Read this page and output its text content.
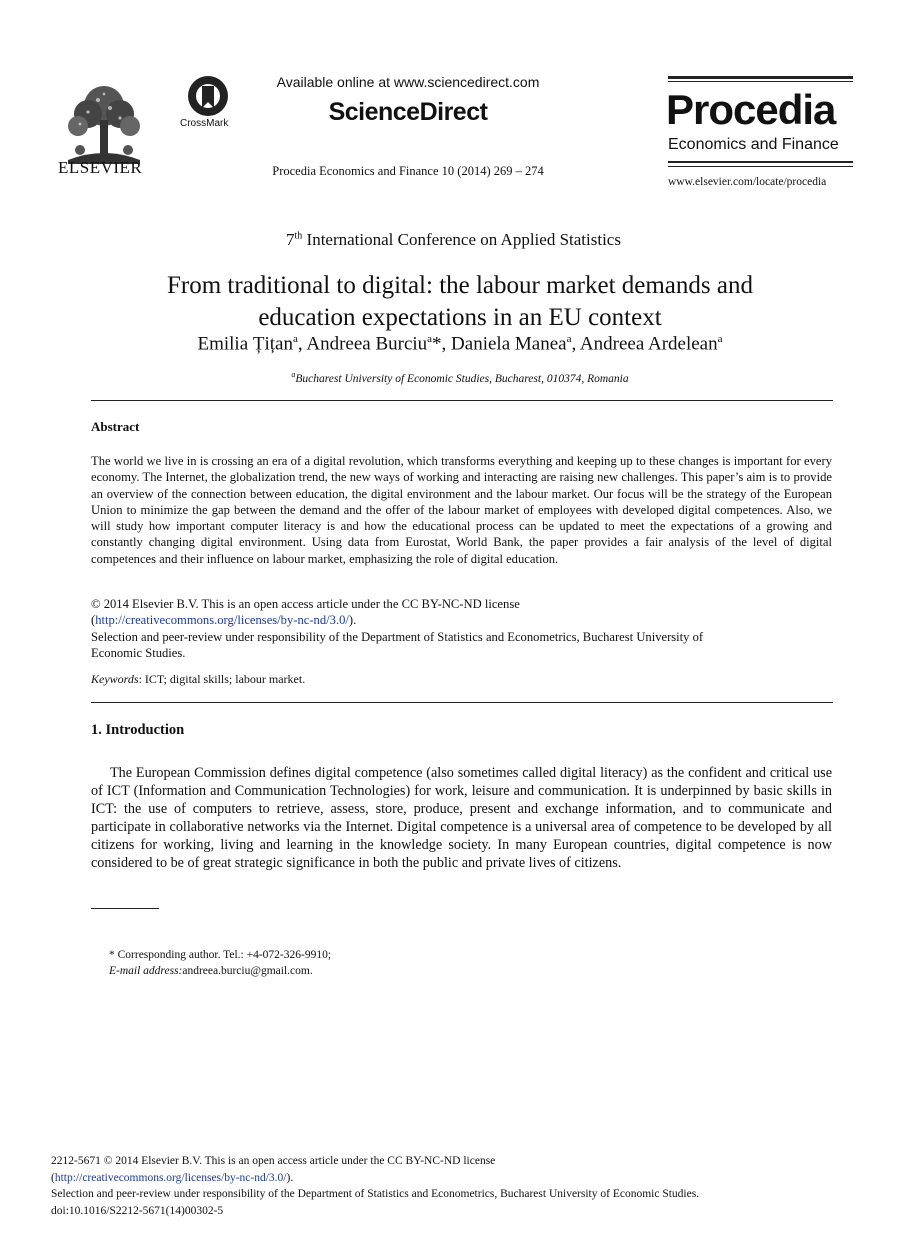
ELSEVIER
CrossMark
Available online at www.sciencedirect.com
ScienceDirect
Procedia Economics and Finance 10 (2014) 269 – 274
Procedia
Economics and Finance
www.elsevier.com/locate/procedia
7th International Conference on Applied Statistics
From traditional to digital: the labour market demands and
education expectations in an EU context
Emilia Țițan$^a$, Andreea Burciu$^a$*, Daniela Manea$^a$, Andreea Ardelean$^a$
$^a$Bucharest University of Economic Studies, Bucharest, 010374, Romania
Abstract
The world we live in is crossing an era of a digital revolution, which transforms everything and keeping up to these changes is important for every economy. The Internet, the globalization trend, the new ways of working and interacting are raising new challenges. This paper’s aim is to provide an overview of the connection between education, the digital environment and the labour market. Our focus will be the strategy of the European Union to minimize the gap between the demand and the offer of the labour market of employees with developed digital competences. Also, we will study how important computer literacy is and how the educational process can be updated to meet the expectations of a growing and constantly changing digital environment. Using data from Eurostat, World Bank, the paper provides a fair analysis of the level of digital competences and their influence on labour market, emphasizing the role of digital education.
© 2014 Elsevier B.V. This is an open access article under the CC BY-NC-ND license
(http://creativecommons.org/licenses/by-nc-nd/3.0/).
Selection and peer-review under responsibility of the Department of Statistics and Econometrics, Bucharest University of
Economic Studies.
Keywords: ICT; digital skills; labour market.
1. Introduction
The European Commission defines digital competence (also sometimes called digital literacy) as the confident and critical use of ICT (Information and Communication Technologies) for work, leisure and communication. It is underpinned by basic skills in ICT: the use of computers to retrieve, assess, store, produce, present and exchange information, and to communicate and participate in collaborative networks via the Internet. Digital competence is a universal area of competence to be developed by all citizens for working, living and learning in the knowledge society. In many European countries, digital competence is now considered to be of great strategic significance in both the public and private lives of citizens.
* Corresponding author. Tel.: +4-072-326-9910;
E-mail address:andreea.burciu@gmail.com.
2212-5671 © 2014 Elsevier B.V. This is an open access article under the CC BY-NC-ND license
(http://creativecommons.org/licenses/by-nc-nd/3.0/).
Selection and peer-review under responsibility of the Department of Statistics and Econometrics, Bucharest University of Economic Studies.
doi:10.1016/S2212-5671(14)00302-5
